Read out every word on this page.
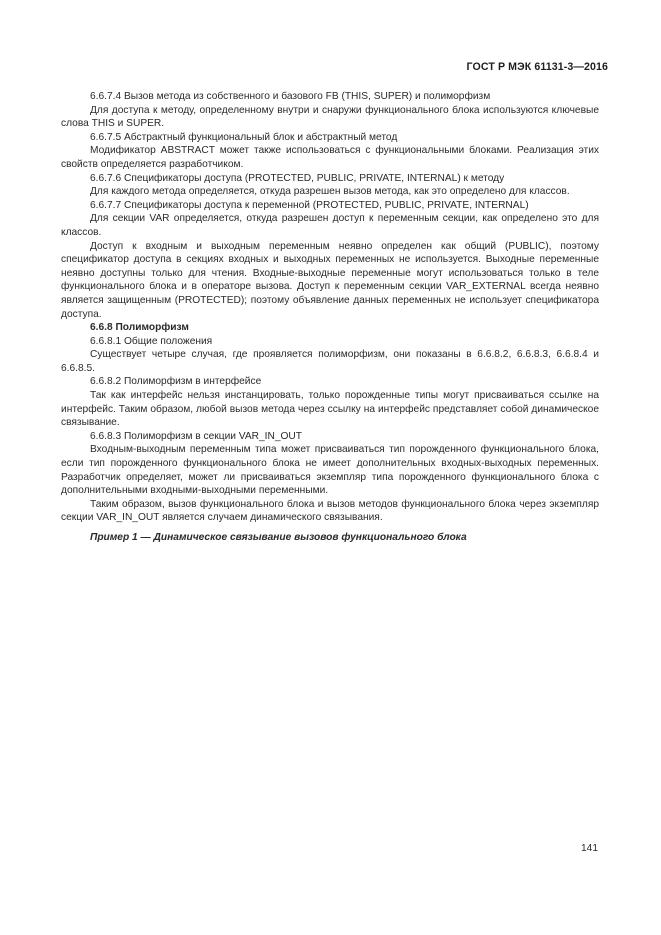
ГОСТ Р МЭК 61131-3—2016

6.6.7.4 Вызов метода из собственного и базового FB (THIS, SUPER) и полиморфизм

Для доступа к методу, определенному внутри и снаружи функционального блока используются ключевые слова THIS и SUPER.

6.6.7.5 Абстрактный функциональный блок и абстрактный метод

Модификатор ABSTRACT может также использоваться с функциональными блоками. Реализация этих свойств определяется разработчиком.

6.6.7.6 Спецификаторы доступа (PROTECTED, PUBLIC, PRIVATE, INTERNAL) к методу

Для каждого метода определяется, откуда разрешен вызов метода, как это определено для классов.

6.6.7.7 Спецификаторы доступа к переменной (PROTECTED, PUBLIC, PRIVATE, INTERNAL)

Для секции VAR определяется, откуда разрешен доступ к переменным секции, как определено это для классов.

Доступ к входным и выходным переменным неявно определен как общий (PUBLIC), поэтому спецификатор доступа в секциях входных и выходных переменных не используется. Выходные переменные неявно доступны только для чтения. Входные-выходные переменные могут использоваться только в теле функционального блока и в операторе вызова. Доступ к переменным секции VAR_EXTERNAL всегда неявно является защищенным (PROTECTED); поэтому объявление данных переменных не использует спецификатора доступа.

6.6.8 Полиморфизм

6.6.8.1 Общие положения

Существует четыре случая, где проявляется полиморфизм, они показаны в 6.6.8.2, 6.6.8.3, 6.6.8.4 и 6.6.8.5.

6.6.8.2 Полиморфизм в интерфейсе

Так как интерфейс нельзя инстанцировать, только порожденные типы могут присваиваться ссылке на интерфейс. Таким образом, любой вызов метода через ссылку на интерфейс представляет собой динамическое связывание.

6.6.8.3 Полиморфизм в секции VAR_IN_OUT

Входным-выходным переменным типа может присваиваться тип порожденного функционального блока, если тип порожденного функционального блока не имеет дополнительных входных-выходных переменных. Разработчик определяет, может ли присваиваться экземпляр типа порожденного функционального блока с дополнительными входными-выходными переменными.

Таким образом, вызов функционального блока и вызов методов функционального блока через экземпляр секции VAR_IN_OUT является случаем динамического связывания.

Пример 1 — Динамическое связывание вызовов функционального блока

141
